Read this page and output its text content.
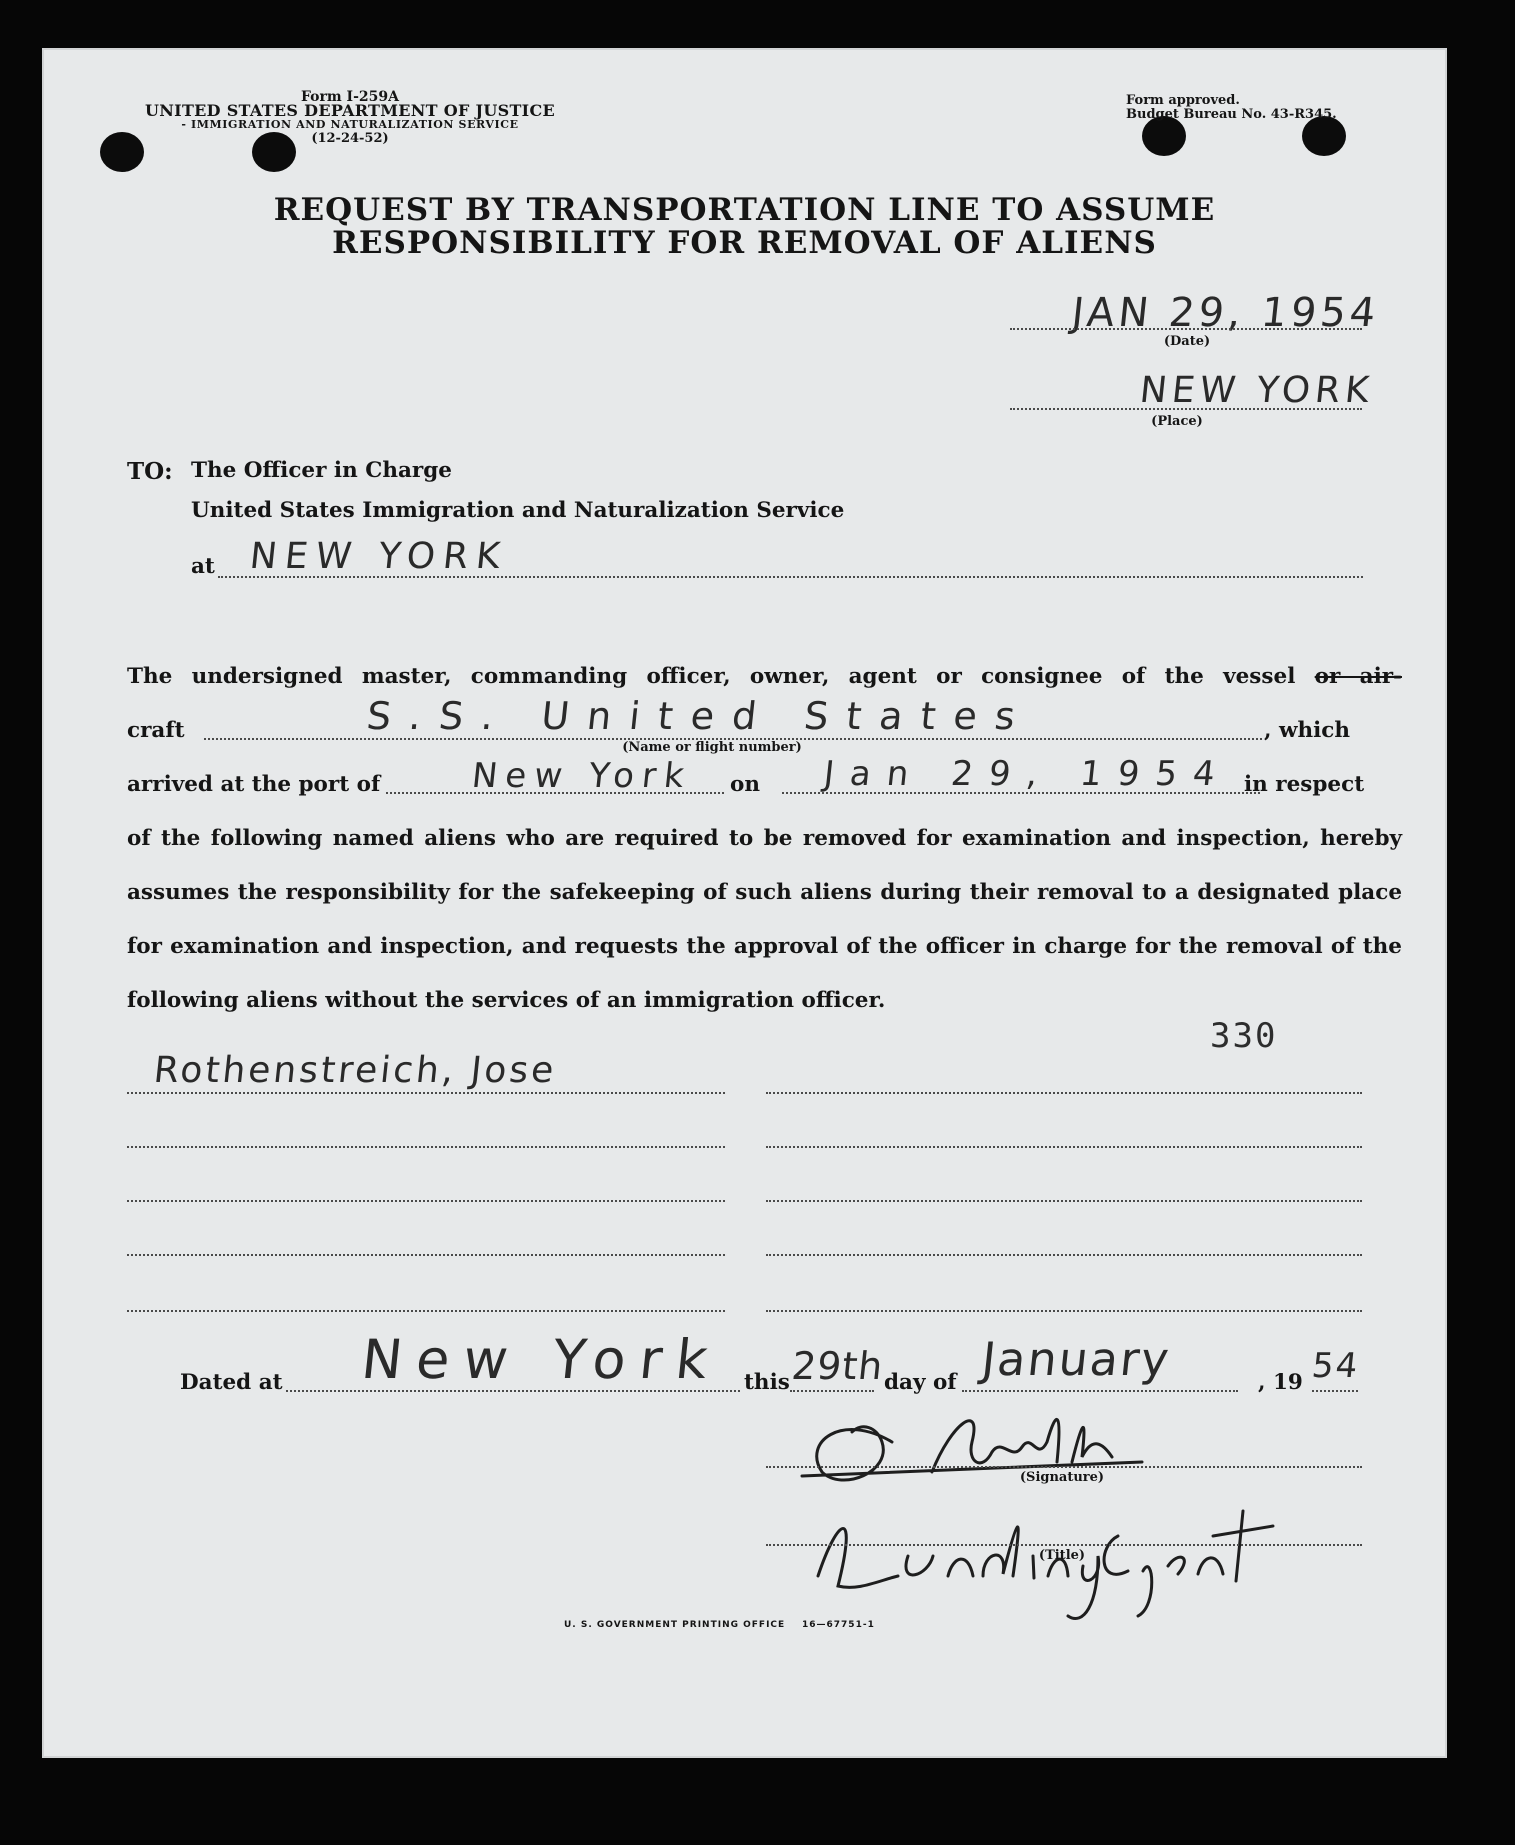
Form I-259A
UNITED STATES DEPARTMENT OF JUSTICE
- IMMIGRATION AND NATURALIZATION SERVICE
(12-24-52)
Form approved.
Budget Bureau No. 43-R345.
REQUEST BY TRANSPORTATION LINE TO ASSUME
RESPONSIBILITY FOR REMOVAL OF ALIENS
JAN 29, 1954
(Date)
NEW YORK
(Place)
TO: The Officer in Charge
United States Immigration and Naturalization Service
at NEW YORK
The undersigned master, commanding officer, owner, agent or consignee of the vessel or air-
craft	S.S. United States	, which
(Name or flight number)
arrived at the port of	New York on Jan 29, 1954 in respect
of the following named aliens who are required to be removed for examination and inspection, hereby
assumes the responsibility for the safekeeping of such aliens during their removal to a designated place
for examination and inspection, and requests the approval of the officer in charge for the removal of the
following aliens without the services of an immigration officer.
330
Rothenstreich, Jose
Dated at New York this 29th
day of January	, 19 54
(Signature)
(Title)
U. S. GOVERNMENT PRINTING OFFICE 16—67751-1
